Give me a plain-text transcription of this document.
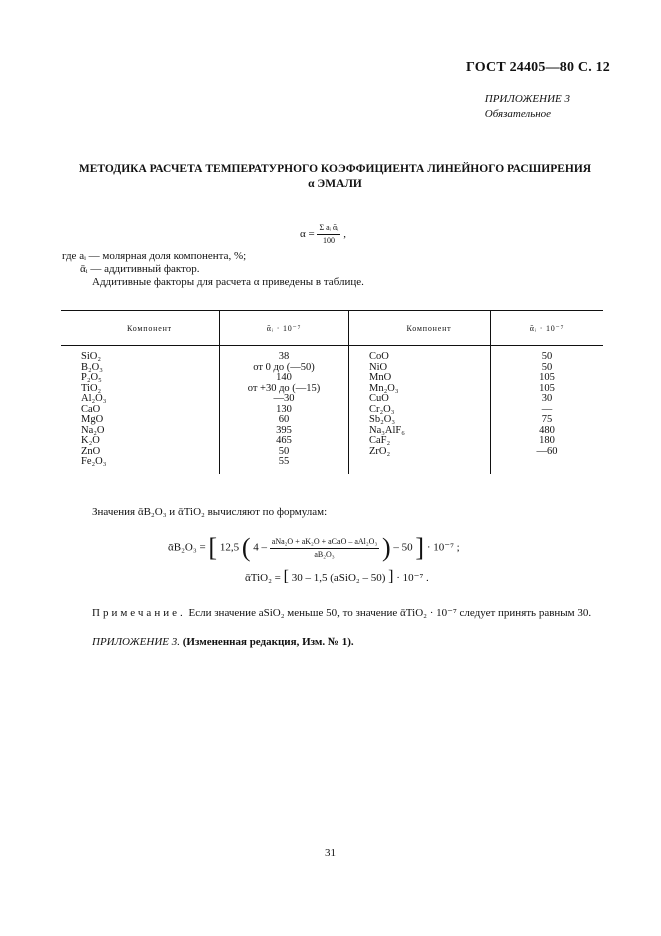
ГОСТ 24405—80 С. 12
ПРИЛОЖЕНИЕ 3
Обязательное
МЕТОДИКА РАСЧЕТА ТЕМПЕРАТУРНОГО КОЭФФИЦИЕНТА ЛИНЕЙНОГО РАСШИРЕНИЯ
α ЭМАЛИ
$\alpha = \frac{\text{Σ aᵢ ᾱᵢ}}{100}$ ,
где aᵢ — молярная доля компонента, %;
ᾱᵢ — аддитивный фактор.
Аддитивные факторы для расчета α приведены в таблице.
Компонент	ᾱᵢ · 10⁻⁷	Компонент	ᾱᵢ · 10⁻⁷
SiO₂	38	CoO	50
B₂O₃	от 0 до (—50)	NiO	50
P₂O₅	140	MnO	105
TiO₂	от +30 до (—15)	Mn₂O₃	105
Al₂O₃	—30	CuO	30
CaO	130	Cr₂O₃	—
MgO	60	Sb₂O₃	75
Na₂O	395	Na₃AlF₆	480
K₂O	465	CaF₂	180
ZnO	50	ZrO₂	—60
Fe₂O₃	55		
Значения ᾱB₂O₃ и ᾱTiO₂ вычисляют по формулам:
ᾱB₂O₃ = [ 12,5 ( $4 - \frac{\text{aNa₂O + aK₂O + aCaO – aAl₂O₃}}{\text{aB₂O₃}}$ ) – 50 ] · 10⁻⁷ ;
ᾱTiO₂ = [ 30 – 1,5 (aSiO₂ – 50) ] · 10⁻⁷ .
Примечание. Если значение aSiO₂ меньше 50, то значение ᾱTiO₂ · 10⁻⁷ следует принять равным 30.
ПРИЛОЖЕНИЕ 3. (Измененная редакция, Изм. № 1).
31
